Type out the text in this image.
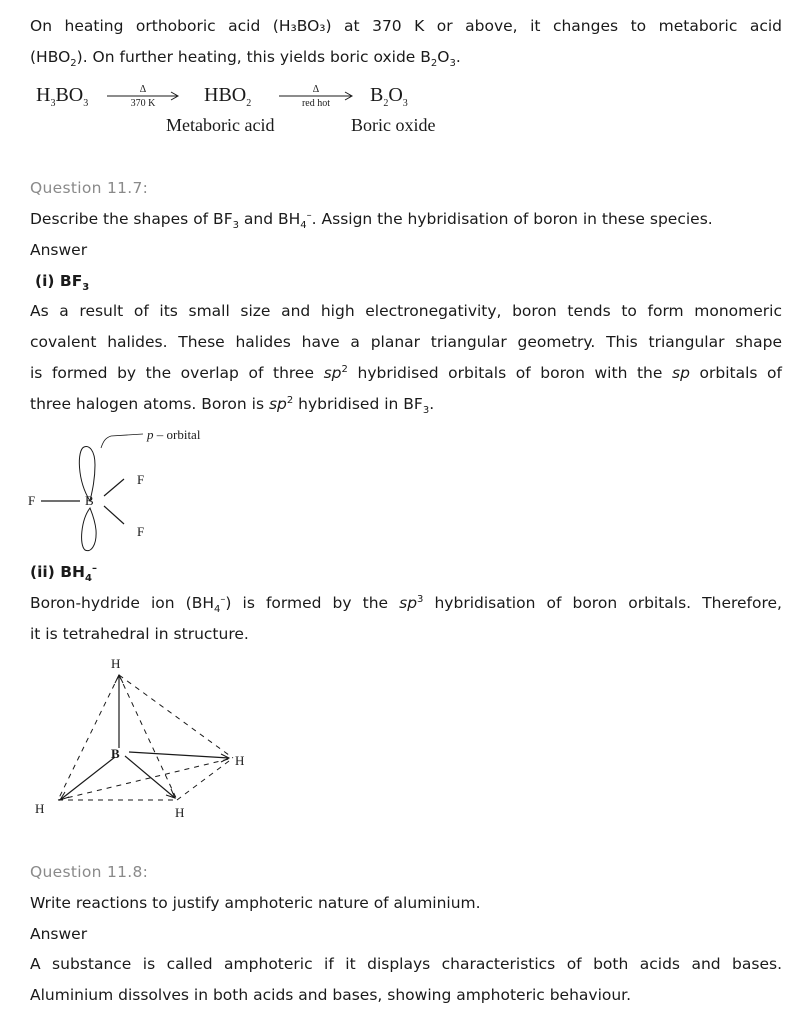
On heating orthoboric acid (H₃BO₃) at 370 K or above, it changes to metaboric acid

$(HBO_2)$. On further heating, this yields boric oxide $B_2O_3$.

$H_3BO_3$
Δ
370 K	$HBO_2$
Δ
red hot	$B_2O_3$
Metaboric acid	Boric oxide

Question 11.7:

Describe the shapes of $BF_3$ and $BH_4^-$. Assign the hybridisation of boron in these species.

Answer

(i) $BF_3$

As a result of its small size and high electronegativity, boron tends to form monomeric

covalent halides. These halides have a planar triangular geometry. This triangular shape

is formed by the overlap of three $sp^2$ hybridised orbitals of boron with the sp orbitals of

three halogen atoms. Boron is $sp^2$ hybridised in $BF_3$.

p – orbital
F	B
F
F

(ii) $BH_4^-$

Boron-hydride ion $(BH_4^-)$ is formed by the $sp^3$ hybridisation of boron orbitals. Therefore,

it is tetrahedral in structure.

H
B	H
H	H

Question 11.8:

Write reactions to justify amphoteric nature of aluminium.

Answer

A substance is called amphoteric if it displays characteristics of both acids and bases.

Aluminium dissolves in both acids and bases, showing amphoteric behaviour.
